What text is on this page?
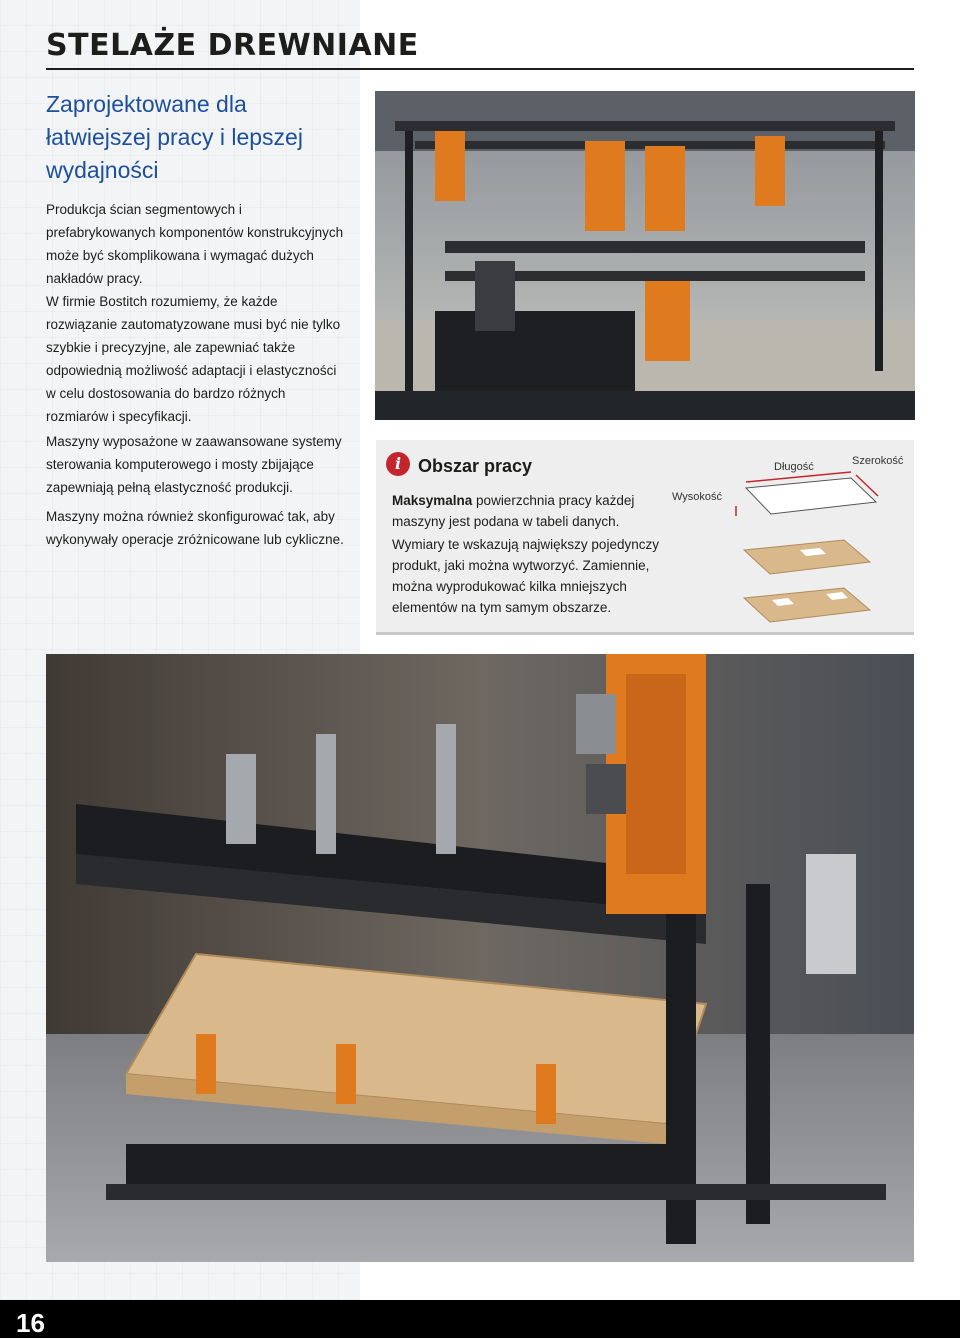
STELAŻE DREWNIANE
Zaprojektowane dla łatwiejszej pracy i lepszej wydajności

Produkcja ścian segmentowych i prefabrykowanych komponentów konstrukcyjnych może być skomplikowana i wymagać dużych nakładów pracy.

W firmie Bostitch rozumiemy, że każde rozwiązanie zautomatyzowane musi być nie tylko szybkie i precyzyjne, ale zapewniać także odpowiednią możliwość adaptacji i elastyczności w celu dostosowania do bardzo różnych rozmiarów i specyfikacji.

Maszyny wyposażone w zaawansowane systemy sterowania komputerowego i mosty zbijające zapewniają pełną elastyczność produkcji.

Maszyny można również skonfigurować tak, aby wykonywały operacje zróżnicowane lub cykliczne.

i Obszar pracy

Maksymalna powierzchnia pracy każdej maszyny jest podana w tabeli danych.

Wymiary te wskazują największy pojedynczy produkt, jaki można wytworzyć. Zamiennie, można wyprodukować kilka mniejszych elementów na tym samym obszarze.

Długość	Szerokość
Wysokość
16
